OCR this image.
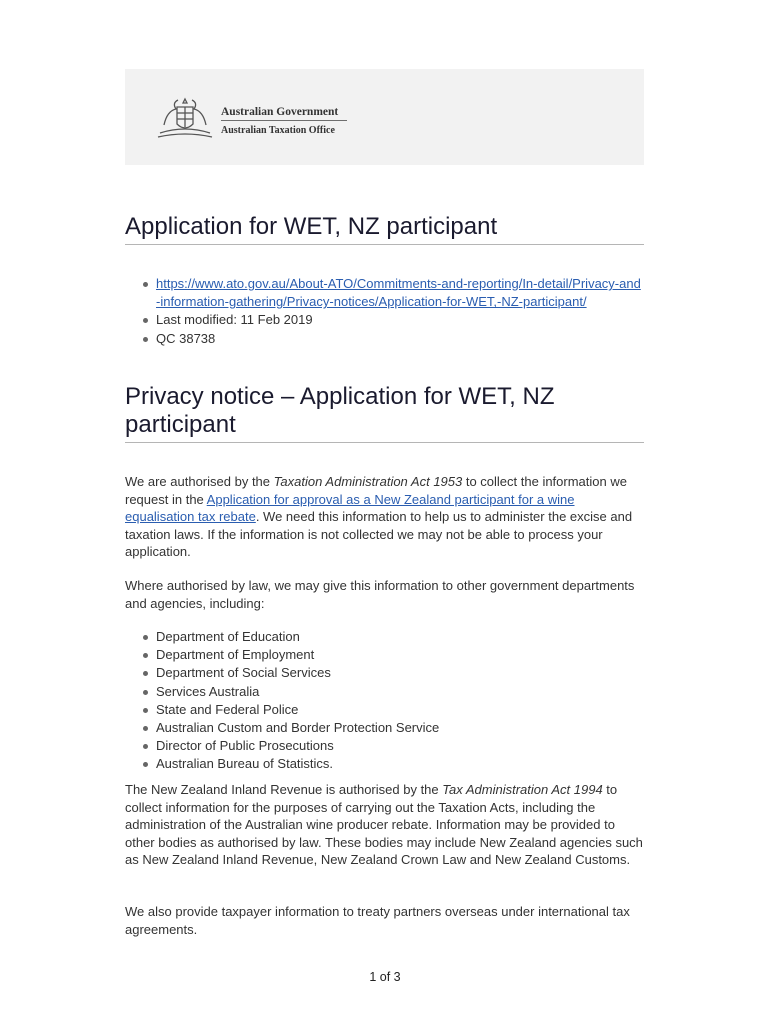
Australian Government
Australian Taxation Office
Application for WET, NZ participant
https://www.ato.gov.au/About-ATO/Commitments-and-reporting/In-detail/Privacy-and-information-gathering/Privacy-notices/Application-for-WET,-NZ-participant/
Last modified: 11 Feb 2019
QC 38738
Privacy notice – Application for WET, NZ participant

We are authorised by the Taxation Administration Act 1953 to collect the information we request in the Application for approval as a New Zealand participant for a wine equalisation tax rebate. We need this information to help us to administer the excise and taxation laws. If the information is not collected we may not be able to process your application.

Where authorised by law, we may give this information to other government departments and agencies, including:

Department of Education
Department of Employment
Department of Social Services
Services Australia
State and Federal Police
Australian Custom and Border Protection Service
Director of Public Prosecutions
Australian Bureau of Statistics.

The New Zealand Inland Revenue is authorised by the Tax Administration Act 1994 to collect information for the purposes of carrying out the Taxation Acts, including the administration of the Australian wine producer rebate. Information may be provided to other bodies as authorised by law. These bodies may include New Zealand agencies such as New Zealand Inland Revenue, New Zealand Crown Law and New Zealand Customs.

We also provide taxpayer information to treaty partners overseas under international tax agreements.

1 of 3
